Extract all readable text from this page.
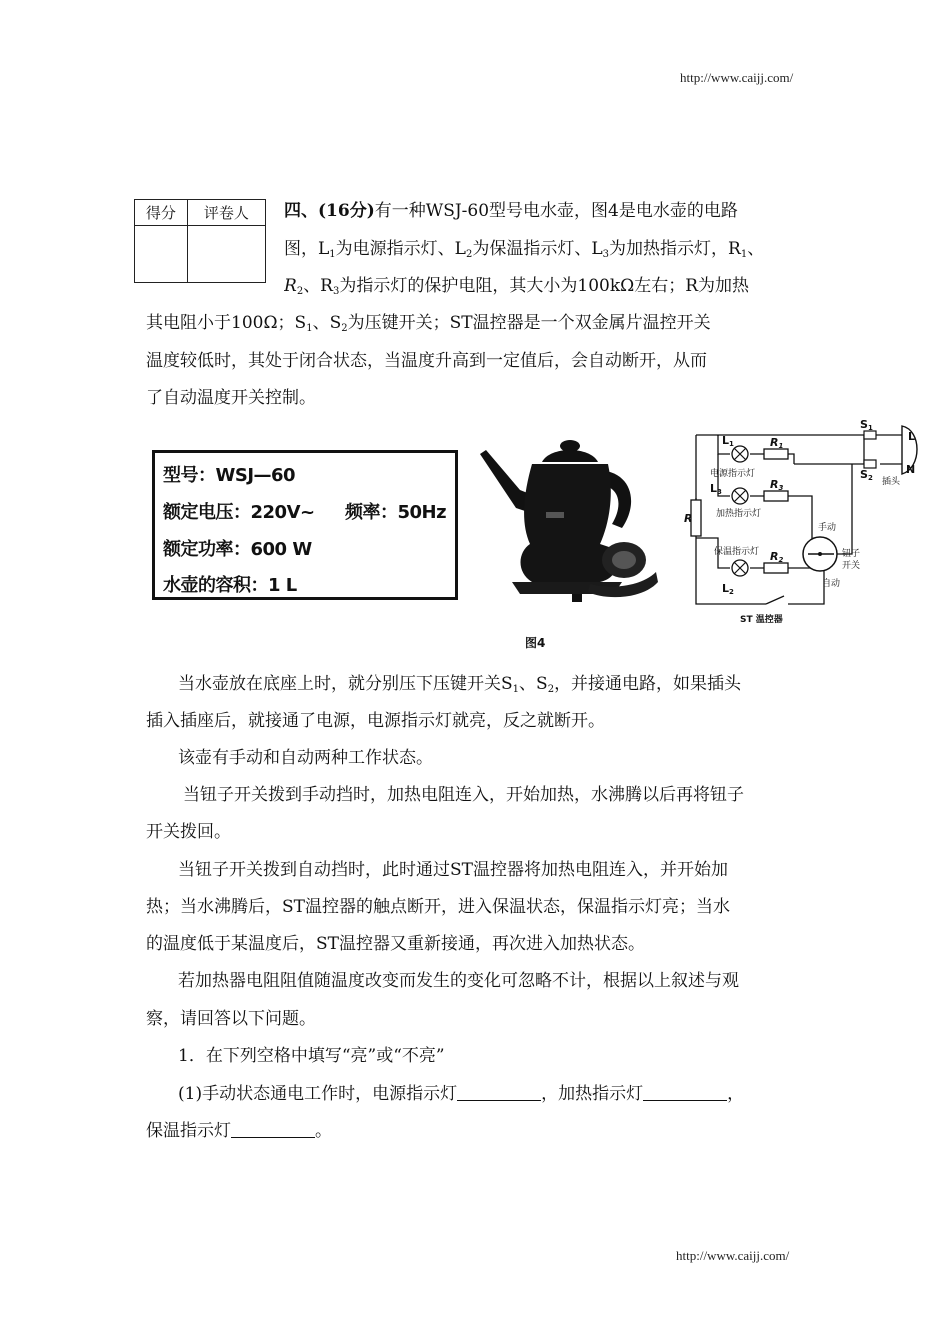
http://www.caijj.com/
http://www.caijj.com/
得分	评卷人
	四、(16分)有一种WSJ-60型号电水壶，图4是电水壶的电路
图，$L_1$为电源指示灯、$L_2$为保温指示灯、$L_3$为加热指示灯，$R_1$、
$R_2$、$R_3$为指示灯的保护电阻，其大小为100kΩ左右；R为加热
其电阻小于100Ω；$S_1$、$S_2$为压键开关；ST温控器是一个双金属片温控开关
温度较低时，其处于闭合状态，当温度升高到一定值后，会自动断开，从而
了自动温度开关控制。
型号：WSJ—60
额定电压：220V~ 频率：50Hz
额定功率：600 W
水壶的容积：1 L
S1
S2
L
N
插头
L1	R1
电源指示灯
L3
R3
加热指示灯
R
手动
自动
钮子
开关
保温指示灯 R2
L2
ST 温控器
图4
当水壶放在底座上时，就分别压下压键开关$S_1$、$S_2$，并接通电路，如果插头
插入插座后，就接通了电源，电源指示灯就亮，反之就断开。
该壶有手动和自动两种工作状态。
当钮子开关拨到手动挡时，加热电阻连入，开始加热，水沸腾以后再将钮子
开关拨回。
当钮子开关拨到自动挡时，此时通过ST温控器将加热电阻连入，并开始加
热；当水沸腾后，ST温控器的触点断开，进入保温状态，保温指示灯亮；当水
的温度低于某温度后，ST温控器又重新接通，再次进入加热状态。
若加热器电阻阻值随温度改变而发生的变化可忽略不计，根据以上叙述与观
察，请回答以下问题。
1．在下列空格中填写“亮”或“不亮”
(1)手动状态通电工作时，电源指示灯	，加热指示灯	，
保温指示灯	。
